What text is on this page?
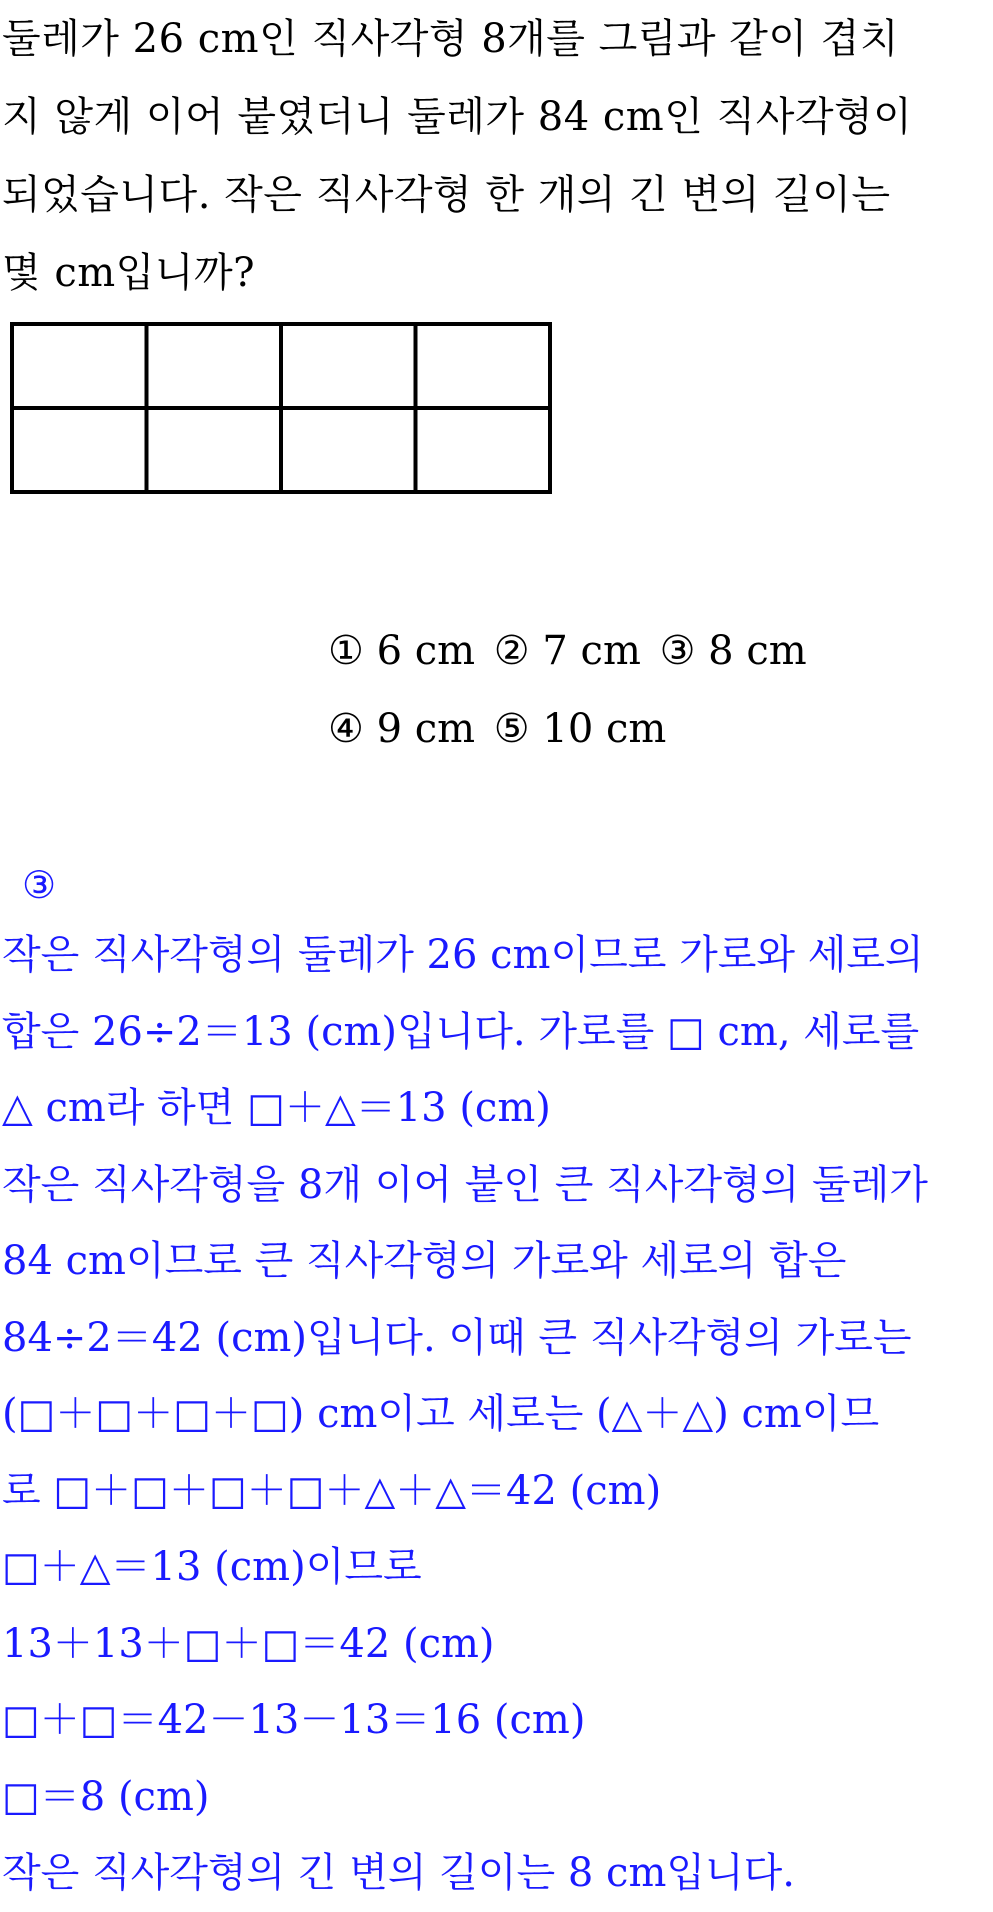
둘레가 26 cm인 직사각형 8개를 그림과 같이 겹치
지 않게 이어 붙였더니 둘레가 84 cm인 직사각형이
되었습니다. 작은 직사각형 한 개의 긴 변의 길이는
몇 cm입니까?
① 6 cm ② 7 cm ③ 8 cm
④ 9 cm ⑤ 10 cm
③
작은 직사각형의 둘레가 26 cm이므로 가로와 세로의
합은 26÷2＝13 (cm)입니다. 가로를 □ cm, 세로를
△ cm라 하면 □＋△＝13 (cm)
작은 직사각형을 8개 이어 붙인 큰 직사각형의 둘레가
84 cm이므로 큰 직사각형의 가로와 세로의 합은
84÷2＝42 (cm)입니다. 이때 큰 직사각형의 가로는
(□＋□＋□＋□) cm이고 세로는 (△＋△) cm이므
로 □＋□＋□＋□＋△＋△＝42 (cm)
□＋△＝13 (cm)이므로
13＋13＋□＋□＝42 (cm)
□＋□＝42－13－13＝16 (cm)
□＝8 (cm)
작은 직사각형의 긴 변의 길이는 8 cm입니다.
